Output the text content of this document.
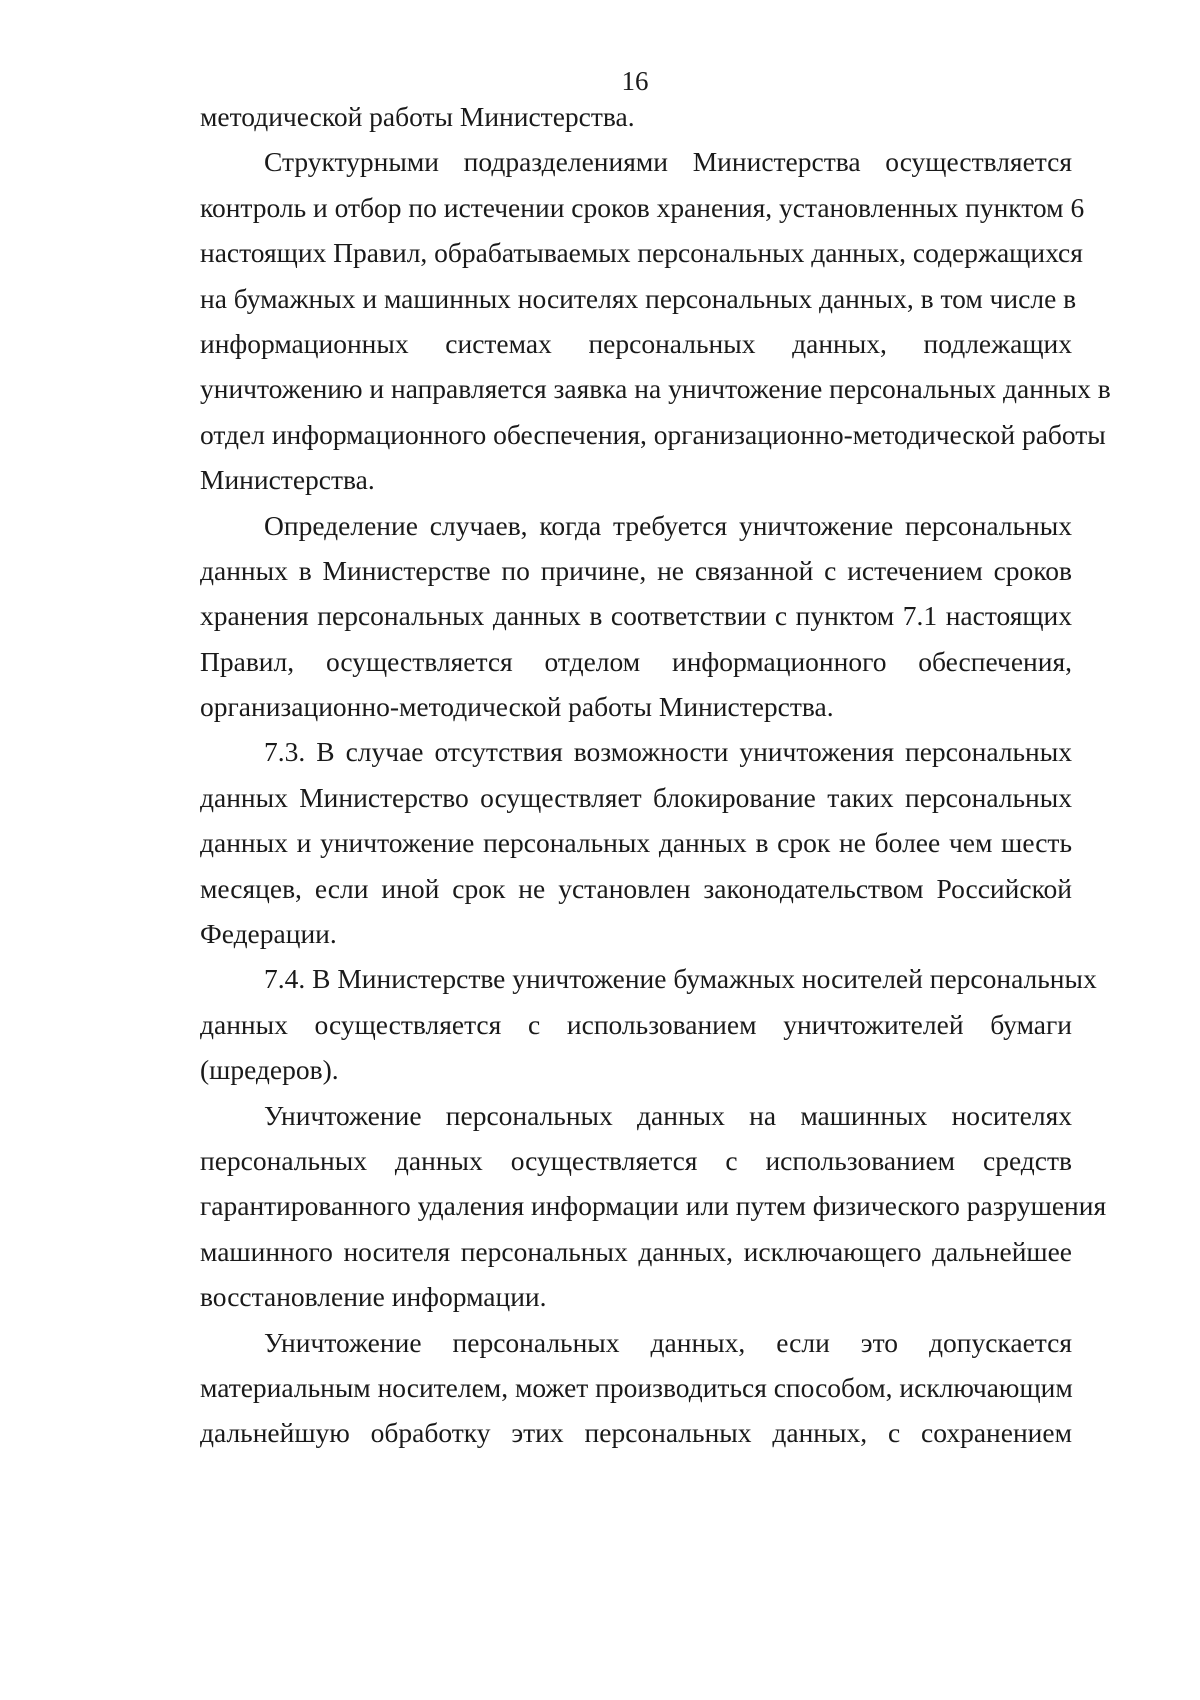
16
методической работы Министерства.
Структурными подразделениями Министерства осуществляется
контроль и отбор по истечении сроков хранения, установленных пунктом 6
настоящих Правил, обрабатываемых персональных данных, содержащихся
на бумажных и машинных носителях персональных данных, в том числе в
информационных системах персональных данных, подлежащих
уничтожению и направляется заявка на уничтожение персональных данных в
отдел информационного обеспечения, организационно-методической работы
Министерства.
Определение случаев, когда требуется уничтожение персональных
данных в Министерстве по причине, не связанной с истечением сроков
хранения персональных данных в соответствии с пунктом 7.1 настоящих
Правил, осуществляется отделом информационного обеспечения,
организационно-методической работы Министерства.
7.3. В случае отсутствия возможности уничтожения персональных
данных Министерство осуществляет блокирование таких персональных
данных и уничтожение персональных данных в срок не более чем шесть
месяцев, если иной срок не установлен законодательством Российской
Федерации.
7.4. В Министерстве уничтожение бумажных носителей персональных
данных осуществляется с использованием уничтожителей бумаги
(шредеров).
Уничтожение персональных данных на машинных носителях
персональных данных осуществляется с использованием средств
гарантированного удаления информации или путем физического разрушения
машинного носителя персональных данных, исключающего дальнейшее
восстановление информации.
Уничтожение персональных данных, если это допускается
материальным носителем, может производиться способом, исключающим
дальнейшую обработку этих персональных данных, с сохранением
